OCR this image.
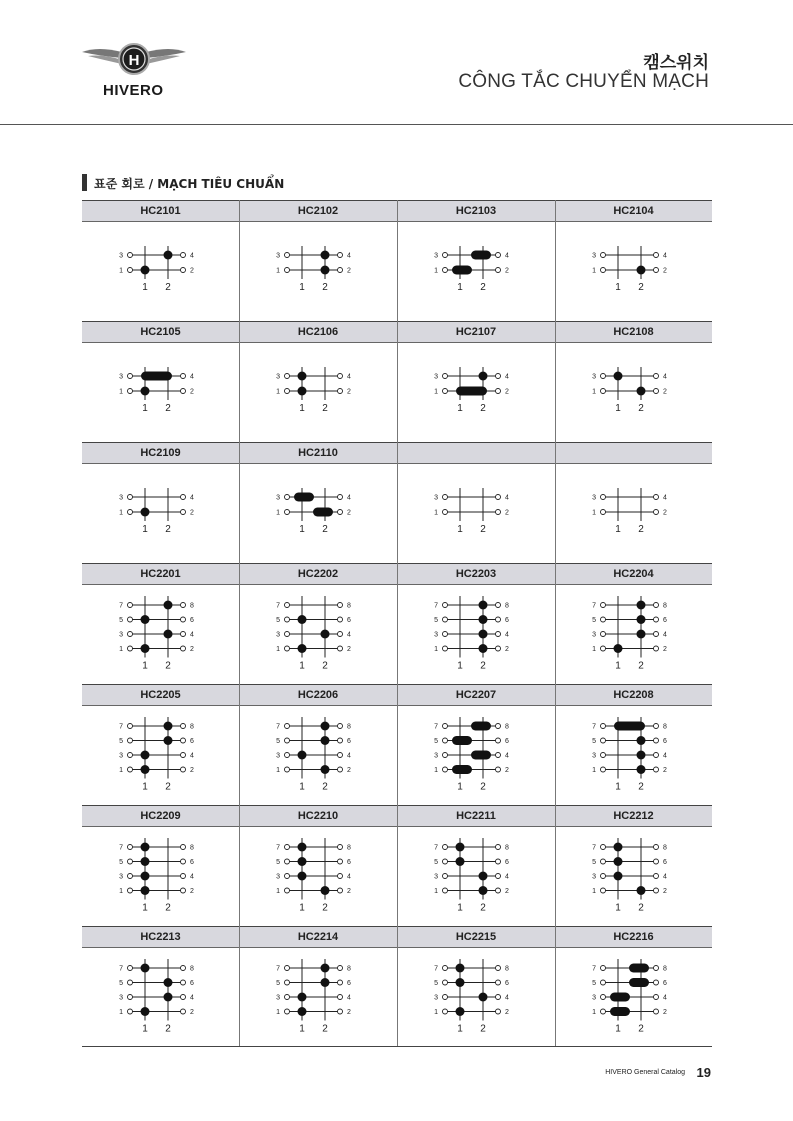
H
HIVERO
캠스위치
CÔNG TẮC CHUYỂN MẠCH
표준 회로 / MẠCH TIÊU CHUẨN
HC2101
3	4
1	2
1 2
HC2102
3	4
1	2
1 2
HC2103
3	4
1	2
1 2
HC2104
3	4
1	2
1 2
HC2105
3	4
1	2
1 2
HC2106
3	4
1	2
1 2
HC2107
3	4
1	2
1 2
HC2108
3	4
1	2
1 2
HC2109
3	4
1	2
1 2
HC2110
3	4
1	2
1 2
3	4
1	2
1 2
3	4
1	2
1 2
HC2201
7	8
5	6
3	4
1	2
1 2
HC2202
7	8
5	6
3	4
1	2
1 2
HC2203
7	8
5	6
3	4
1	2
1 2
HC2204
7	8
5	6
3	4
1	2
1 2
HC2205
7	8
5	6
3	4
1	2
1 2
HC2206
7	8
5	6
3	4
1	2
1 2
HC2207
7	8
5	6
3	4
1	2
1 2
HC2208
7	8
5	6
3	4
1	2
1 2
HC2209
7	8
5	6
3	4
1	2
1 2
HC2210
7	8
5	6
3	4
1	2
1 2
HC2211
7	8
5	6
3	4
1	2
1 2
HC2212
7	8
5	6
3	4
1	2
1 2
HC2213
7	8
5	6
3	4
1	2
1 2
HC2214
7	8
5	6
3	4
1	2
1 2
HC2215
7	8
5	6
3	4
1	2
1 2
HC2216
7	8
5	6
3	4
1	2
1 2
HIVERO General Catalog 19
